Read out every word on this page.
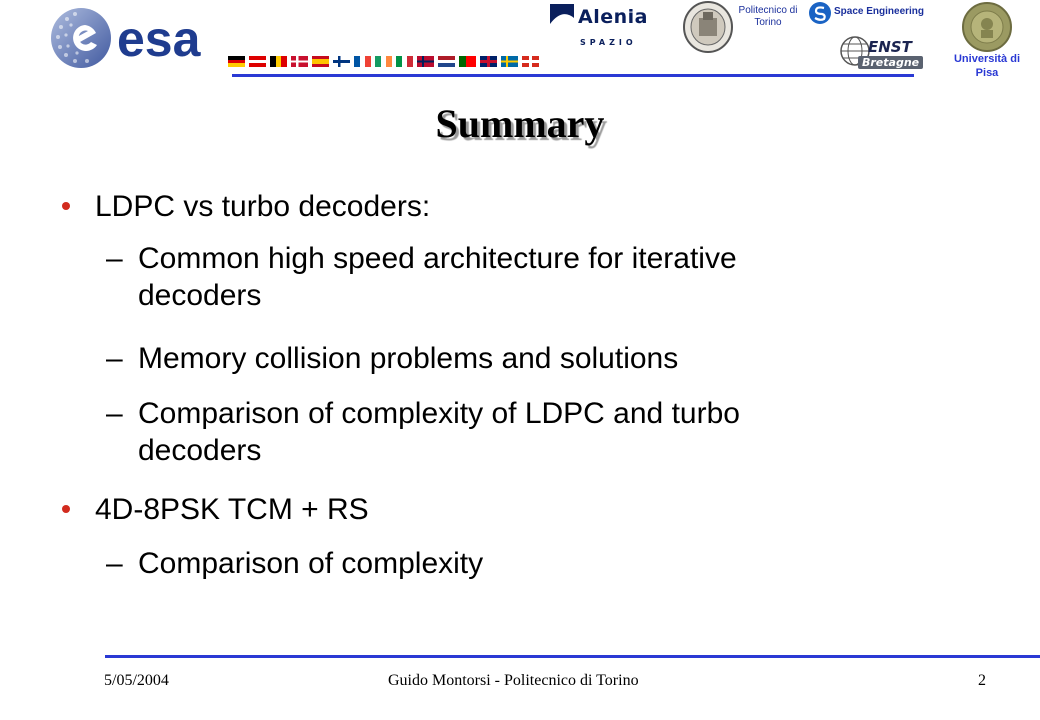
esa	Alenia
SPAZIO
Politecnico di Torino
Space Engineering
ENST
Bretagne	Università di Pisa
Summary
LDPC vs turbo decoders:
– Common high speed architecture for iterative
decoders
– Memory collision problems and solutions
– Comparison of complexity of LDPC and turbo
decoders
4D-8PSK TCM + RS
– Comparison of complexity
5/05/2004	Guido Montorsi - Politecnico di Torino	2
